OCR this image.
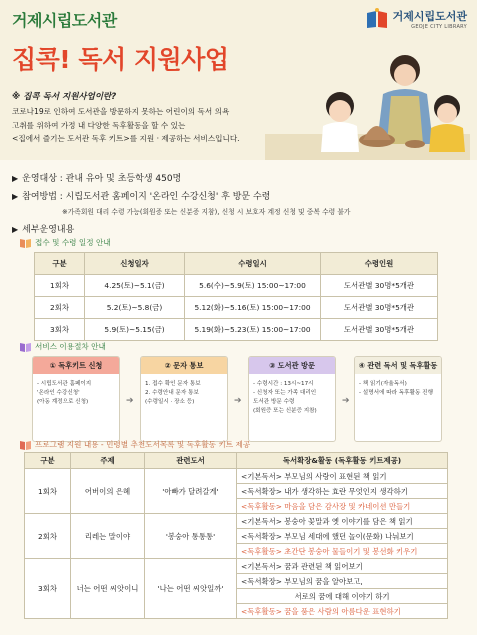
거제시립도서관
집콕! 독서 지원사업
거제시립도서관
GEOJE CITY LIBRARY
※ 집콕 독서 지원사업이란?
코로나19로 인하여 도서관을 방문하지 못하는 어린이의 독서 의욕
고취를 위하여 가정 내 다양한 독후활동을 할 수 있는
<집에서 즐기는 도서관 독후 키트>를 지원 · 제공하는 서비스입니다.
▶ 운영대상 : 관내 유아 및 초등학생 450명
▶ 참여방법 : 시립도서관 홈페이지 '온라인 수강신청' 후 방문 수령
※가족회원 대리 수령 가능(회원증 또는 신분증 지참), 신청 시 보호자 계정 신청 및 중복 수령 불가
▶ 세부운영내용
접수 및 수령 일정 안내
구분	신청일자	수령일시	수령인원
1회차	4.25(토)~5.1(금)	5.6(수)~5.9(토) 15:00~17:00	도서관별 30명*5개관
2회차	5.2(토)~5.8(금)	5.12(화)~5.16(토) 15:00~17:00	도서관별 30명*5개관
3회차	5.9(토)~5.15(금)	5.19(화)~5.23(토) 15:00~17:00	도서관별 30명*5개관
서비스 이용절차 안내
① 독후키트 신청
- 시립도서관 홈페이지
'온라인 수강신청'
(아동 계정으로 신청)	➔
② 문자 통보
1. 접수 확인 문자 통보
2. 수령안내 문자 통보
(수령일시 · 장소 등)	➔
③ 도서관 방문
- 수령시간 : 13시~17시
- 신청자 또는 가족 대리인
도서관 방문 수령
(회원증 또는 신분증 지참)
➔
④ 관련 독서 및 독후활동
- 책 읽기(자율독서)
- 설명서에 따라 독후활동 진행
프로그램 지원 내용 - 민령별 추천도서목록 및 독후활동 키트 제공
구분	주제	관련도서	독서확장&활동 (독후활동 키트제공)
1회차	어버이의 은혜	'아빠가 달려갈게'	<기본독서> 부모님의 사랑이 표현된 책 읽기
			<독서확장> 내가 생각하는 효란 무엇인지 생각하기
			<독후활동> 마음을 담은 감사장 및 카네이션 만들기
2회차	리레는 말이야	'봉숭아 통통통'	<기본독서> 봉숭아 꽃말과 옛 이야기를 담은 책 읽기
			<독서확장> 부모님 세대에 했던 놀이(문화) 나눠보기
			<독후활동> 초간단 봉숭아 물들이기 및 봉선화 키우기
3회차	너는 어떤 씨앗이니	'나는 어떤 씨앗일까'	<기본독서> 꿈과 관련된 책 읽어보기
			<독서확장> 부모님의 꿈을 알아보고,
			서로의 꿈에 대해 이야기 하기
			<독후활동> 꿈을 품은 사람의 아름다운 표현하기
